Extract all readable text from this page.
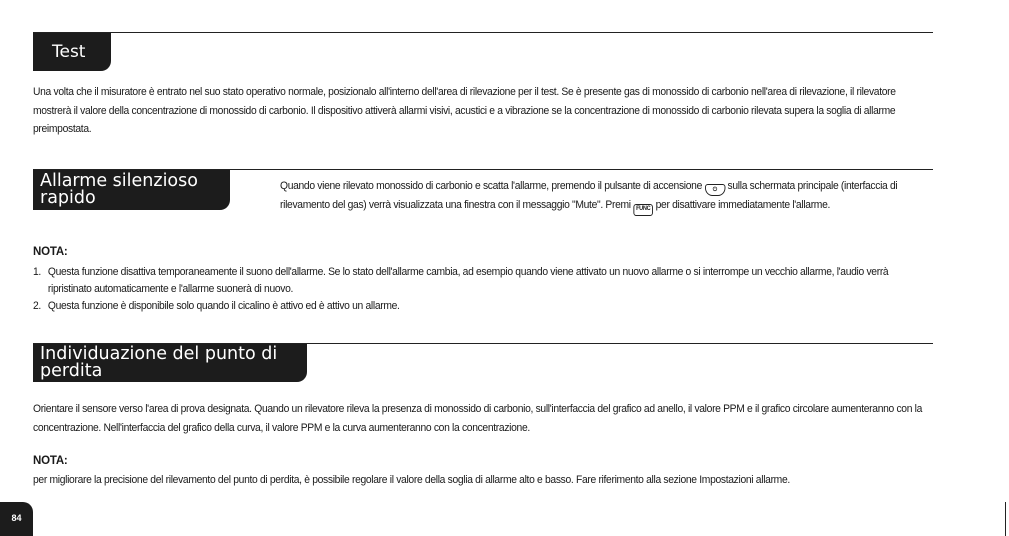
Test
Una volta che il misuratore è entrato nel suo stato operativo normale, posizionalo all'interno dell'area di rilevazione per il test. Se è presente gas di monossido di carbonio nell'area di rilevazione, il rilevatore mostrerà il valore della concentrazione di monossido di carbonio. Il dispositivo attiverà allarmi visivi, acustici e a vibrazione se la concentrazione di monossido di carbonio rilevata supera la soglia di allarme preimpostata.
Allarme silenzioso rapido
Quando viene rilevato monossido di carbonio e scatta l'allarme, premendo il pulsante di accensione ⏻ sulla schermata principale (interfaccia di rilevamento del gas) verrà visualizzata una finestra con il messaggio "Mute". Premi FUNC per disattivare immediatamente l'allarme.
NOTA:
1. Questa funzione disattiva temporaneamente il suono dell'allarme. Se lo stato dell'allarme cambia, ad esempio quando viene attivato un nuovo allarme o si interrompe un vecchio allarme, l'audio verrà ripristinato automaticamente e l'allarme suonerà di nuovo.
2. Questa funzione è disponibile solo quando il cicalino è attivo ed è attivo un allarme.
Individuazione del punto di perdita
Orientare il sensore verso l'area di prova designata. Quando un rilevatore rileva la presenza di monossido di carbonio, sull'interfaccia del grafico ad anello, il valore PPM e il grafico circolare aumenteranno con la concentrazione. Nell'interfaccia del grafico della curva, il valore PPM e la curva aumenteranno con la concentrazione.
NOTA:
per migliorare la precisione del rilevamento del punto di perdita, è possibile regolare il valore della soglia di allarme alto e basso. Fare riferimento alla sezione Impostazioni allarme.
84
